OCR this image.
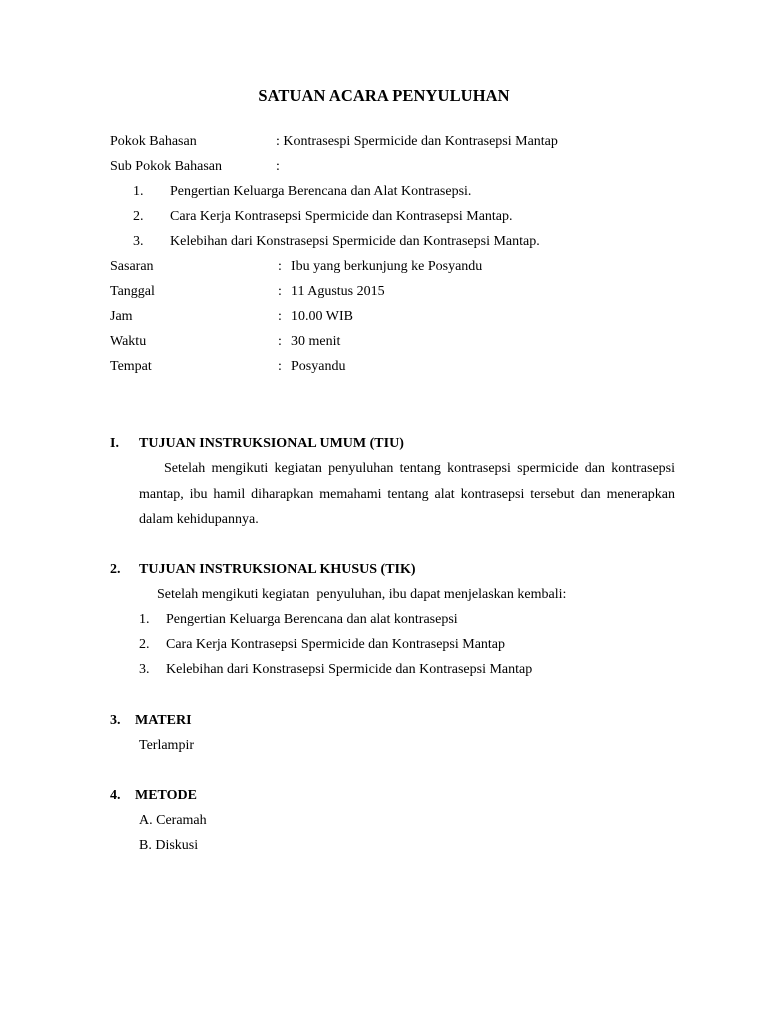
SATUAN ACARA PENYULUHAN
Pokok Bahasan	: Kontrasespi Spermicide dan Kontrasepsi Mantap
Sub Pokok Bahasan	:
1. Pengertian Keluarga Berencana dan Alat Kontrasepsi.
2. Cara Kerja Kontrasepsi Spermicide dan Kontrasepsi Mantap.
3. Kelebihan dari Konstrasepsi Spermicide dan Kontrasepsi Mantap.
Sasaran	: Ibu yang berkunjung ke Posyandu
Tanggal	: 11 Agustus 2015
Jam	: 10.00 WIB
Waktu	: 30 menit
Tempat	: Posyandu
I. TUJUAN INSTRUKSIONAL UMUM (TIU)
Setelah mengikuti kegiatan penyuluhan tentang kontrasepsi spermicide dan kontrasepsi mantap, ibu hamil diharapkan memahami tentang alat kontrasepsi tersebut dan menerapkan dalam kehidupannya.
2. TUJUAN INSTRUKSIONAL KHUSUS (TIK)
Setelah mengikuti kegiatan  penyuluhan, ibu dapat menjelaskan kembali:
1. Pengertian Keluarga Berencana dan alat kontrasepsi
2. Cara Kerja Kontrasepsi Spermicide dan Kontrasepsi Mantap
3. Kelebihan dari Konstrasepsi Spermicide dan Kontrasepsi Mantap
3. MATERI
Terlampir
4. METODE
A. Ceramah
B. Diskusi
